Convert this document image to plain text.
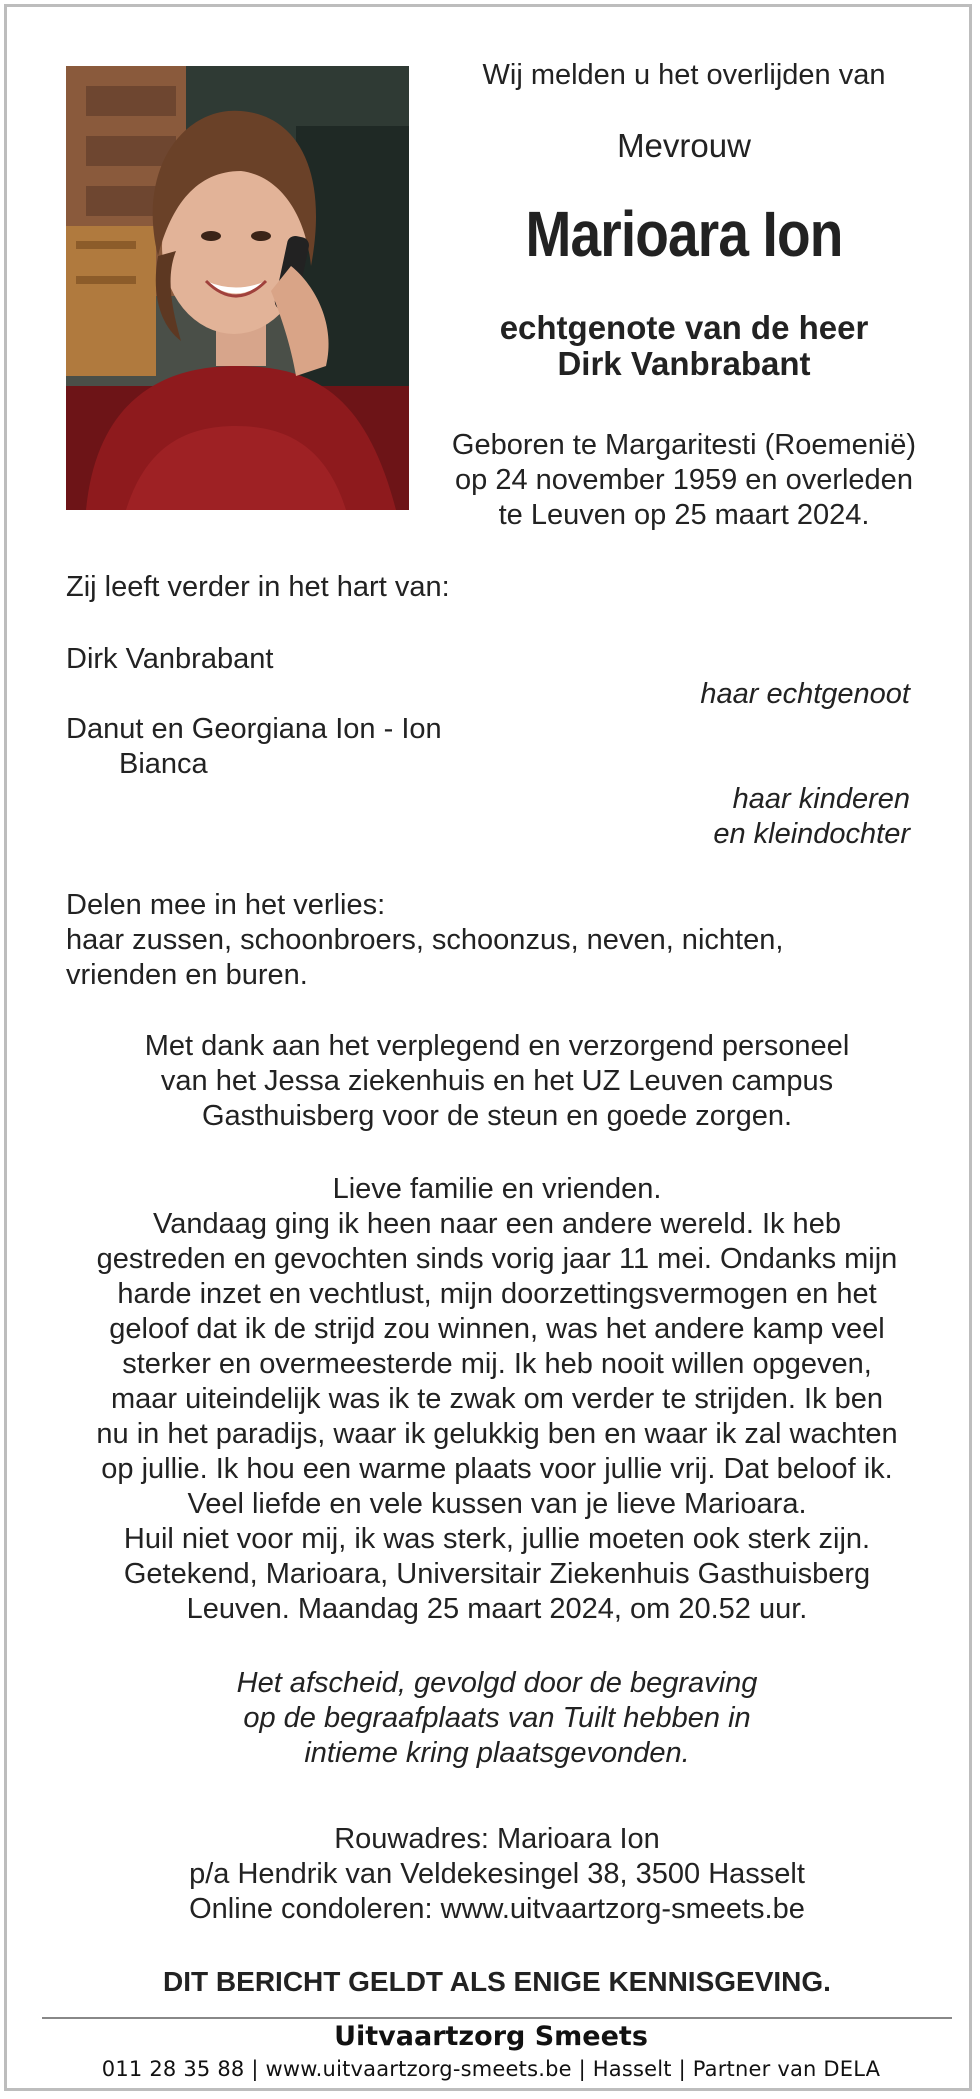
Wij melden u het overlijden van
Mevrouw
Marioara Ion
echtgenote van de heer
Dirk Vanbrabant
Geboren te Margaritesti (Roemenië)
op 24 november 1959 en overleden
te Leuven op 25 maart 2024.
Zij leeft verder in het hart van:
Dirk Vanbrabant
haar echtgenoot
Danut en Georgiana Ion - Ion
Bianca
haar kinderen
en kleindochter
Delen mee in het verlies:
haar zussen, schoonbroers, schoonzus, neven, nichten,
vrienden en buren.
Met dank aan het verplegend en verzorgend personeel
van het Jessa ziekenhuis en het UZ Leuven campus
Gasthuisberg voor de steun en goede zorgen.
Lieve familie en vrienden.
Vandaag ging ik heen naar een andere wereld. Ik heb
gestreden en gevochten sinds vorig jaar 11 mei. Ondanks mijn
harde inzet en vechtlust, mijn doorzettingsvermogen en het
geloof dat ik de strijd zou winnen, was het andere kamp veel
sterker en overmeesterde mij. Ik heb nooit willen opgeven,
maar uiteindelijk was ik te zwak om verder te strijden. Ik ben
nu in het paradijs, waar ik gelukkig ben en waar ik zal wachten
op jullie. Ik hou een warme plaats voor jullie vrij. Dat beloof ik.
Veel liefde en vele kussen van je lieve Marioara.
Huil niet voor mij, ik was sterk, jullie moeten ook sterk zijn.
Getekend, Marioara, Universitair Ziekenhuis Gasthuisberg
Leuven. Maandag 25 maart 2024, om 20.52 uur.
Het afscheid, gevolgd door de begraving
op de begraafplaats van Tuilt hebben in
intieme kring plaatsgevonden.
Rouwadres: Marioara Ion
p/a Hendrik van Veldekesingel 38, 3500 Hasselt
Online condoleren: www.uitvaartzorg-smeets.be
DIT BERICHT GELDT ALS ENIGE KENNISGEVING.
Uitvaartzorg Smeets
011 28 35 88 | www.uitvaartzorg-smeets.be | Hasselt | Partner van DELA
